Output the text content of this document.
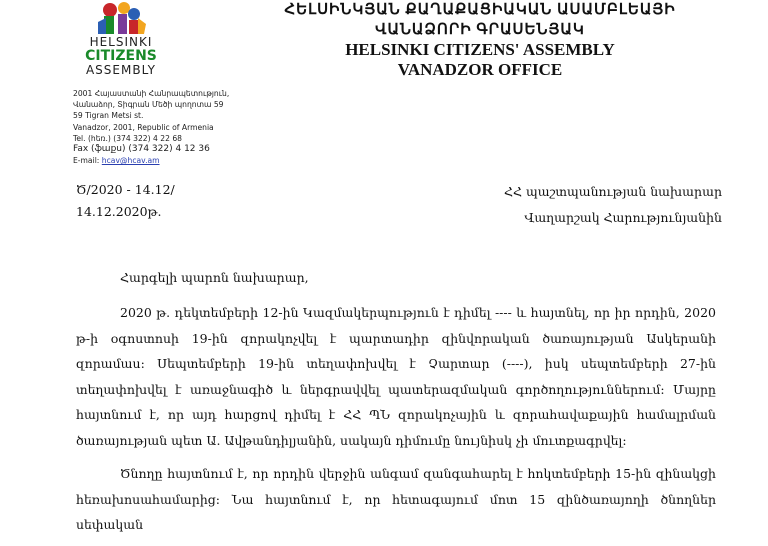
HELSINKI
CITIZENS
ASSEMBLY
ՀԵԼՍԻՆԿՅԱՆ ՔԱՂԱՔԱՑԻԱԿԱՆ ԱՍԱՄԲԼԵԱՅԻ
ՎԱՆԱՁՈՐԻ ԳՐԱՍԵՆՅԱԿ
HELSINKI CITIZENS' ASSEMBLY
VANADZOR OFFICE
2001 Հայաստանի Հանրապետություն,
Վանաձոր, Տիգրան Մեծի պողոտա 59
59 Tigran Metsi st.
Vanadzor, 2001, Republic of Armenia
Tel. (հեռ.) (374 322) 4 22 68
Fax (ֆաքս) (374 322) 4 12 36
E-mail: hcav@hcav.am
Ծ/2020 - 14.12/
14.12.2020թ.
ՀՀ պաշտպանության նախարար
Վաղարշակ Հարությունյանին
Հարգելի պարոն նախարար,

2020 թ. դեկտեմբերի 12-ին Կազմակերպություն է դիմել ---- և հայտնել, որ իր որդին, 2020 թ-ի օգոստոսի 19-ին զորակոչվել է պարտադիր զինվորական ծառայության Ասկերանի զորամաս: Սեպտեմբերի 19-ին տեղափոխվել է Չարտար (----), իսկ սեպտեմբերի 27-ին տեղափոխվել է առաջնագիծ և ներգրավվել պատերազմական գործողություններում: Մայրը հայտնում է, որ այդ հարցով դիմել է ՀՀ ՊՆ զորակոչային և զորահավաքային համալրման ծառայության պետ Ա. Ավթանդիլյանին, սակայն դիմումը նույնիսկ չի մուտքագրվել:

Ծնողը հայտնում է, որ որդին վերջին անգամ զանգահարել է հոկտեմբերի 15-ին զինակցի հեռախոսահամարից: Նա հայտնում է, որ հետագայում մոտ 15 զինծառայողի ծնողներ սեփական
